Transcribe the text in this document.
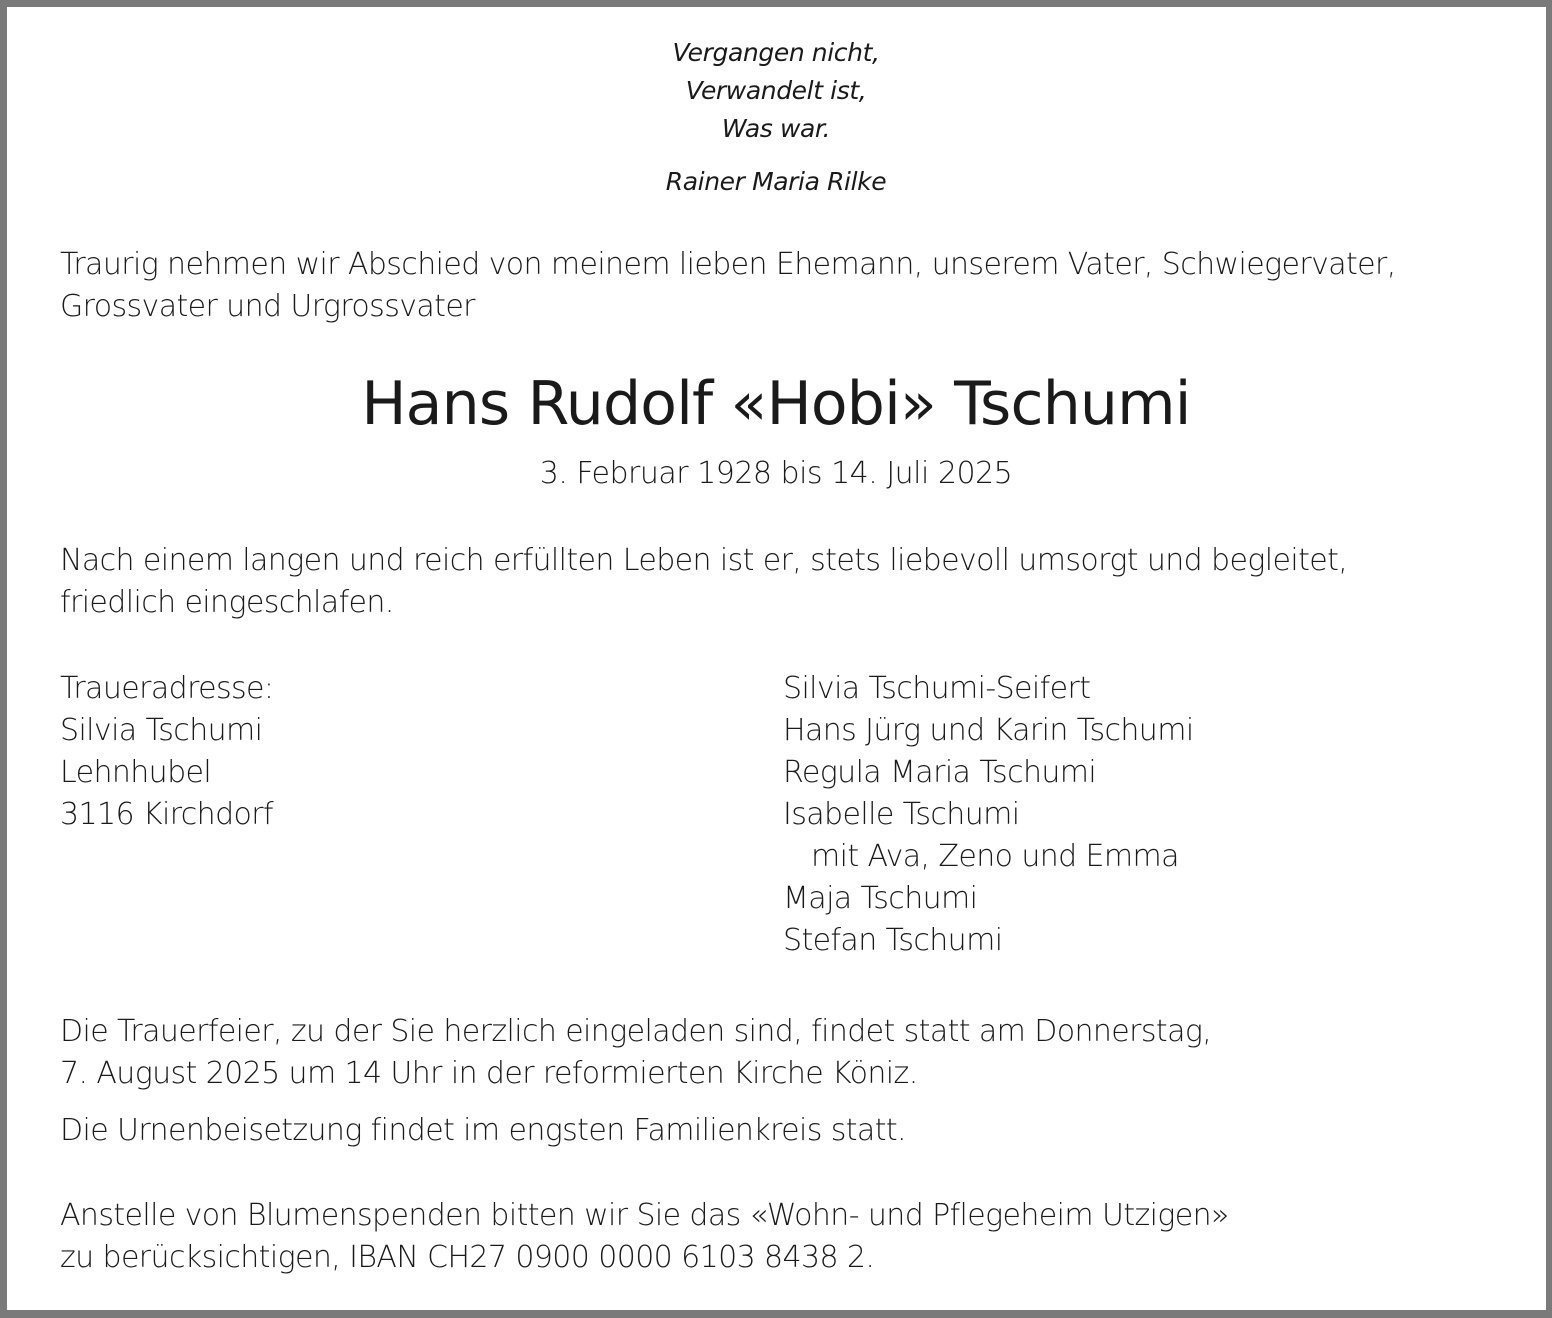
Vergangen nicht,
Verwandelt ist,
Was war.
Rainer Maria Rilke
Traurig nehmen wir Abschied von meinem lieben Ehemann, unserem Vater, Schwiegervater,
Grossvater und Urgrossvater
Hans Rudolf «Hobi» Tschumi
3. Februar 1928 bis 14. Juli 2025
Nach einem langen und reich erfüllten Leben ist er, stets liebevoll umsorgt und begleitet,
friedlich eingeschlafen.
Traueradresse:
Silvia Tschumi
Lehnhubel
3116 Kirchdorf
Silvia Tschumi-Seifert
Hans Jürg und Karin Tschumi
Regula Maria Tschumi
Isabelle Tschumi
mit Ava, Zeno und Emma
Maja Tschumi
Stefan Tschumi
Die Trauerfeier, zu der Sie herzlich eingeladen sind, findet statt am Donnerstag,
7. August 2025 um 14 Uhr in der reformierten Kirche Köniz.
Die Urnenbeisetzung findet im engsten Familienkreis statt.
Anstelle von Blumenspenden bitten wir Sie das «Wohn- und Pflegeheim Utzigen»
zu berücksichtigen, IBAN CH27 0900 0000 6103 8438 2.
